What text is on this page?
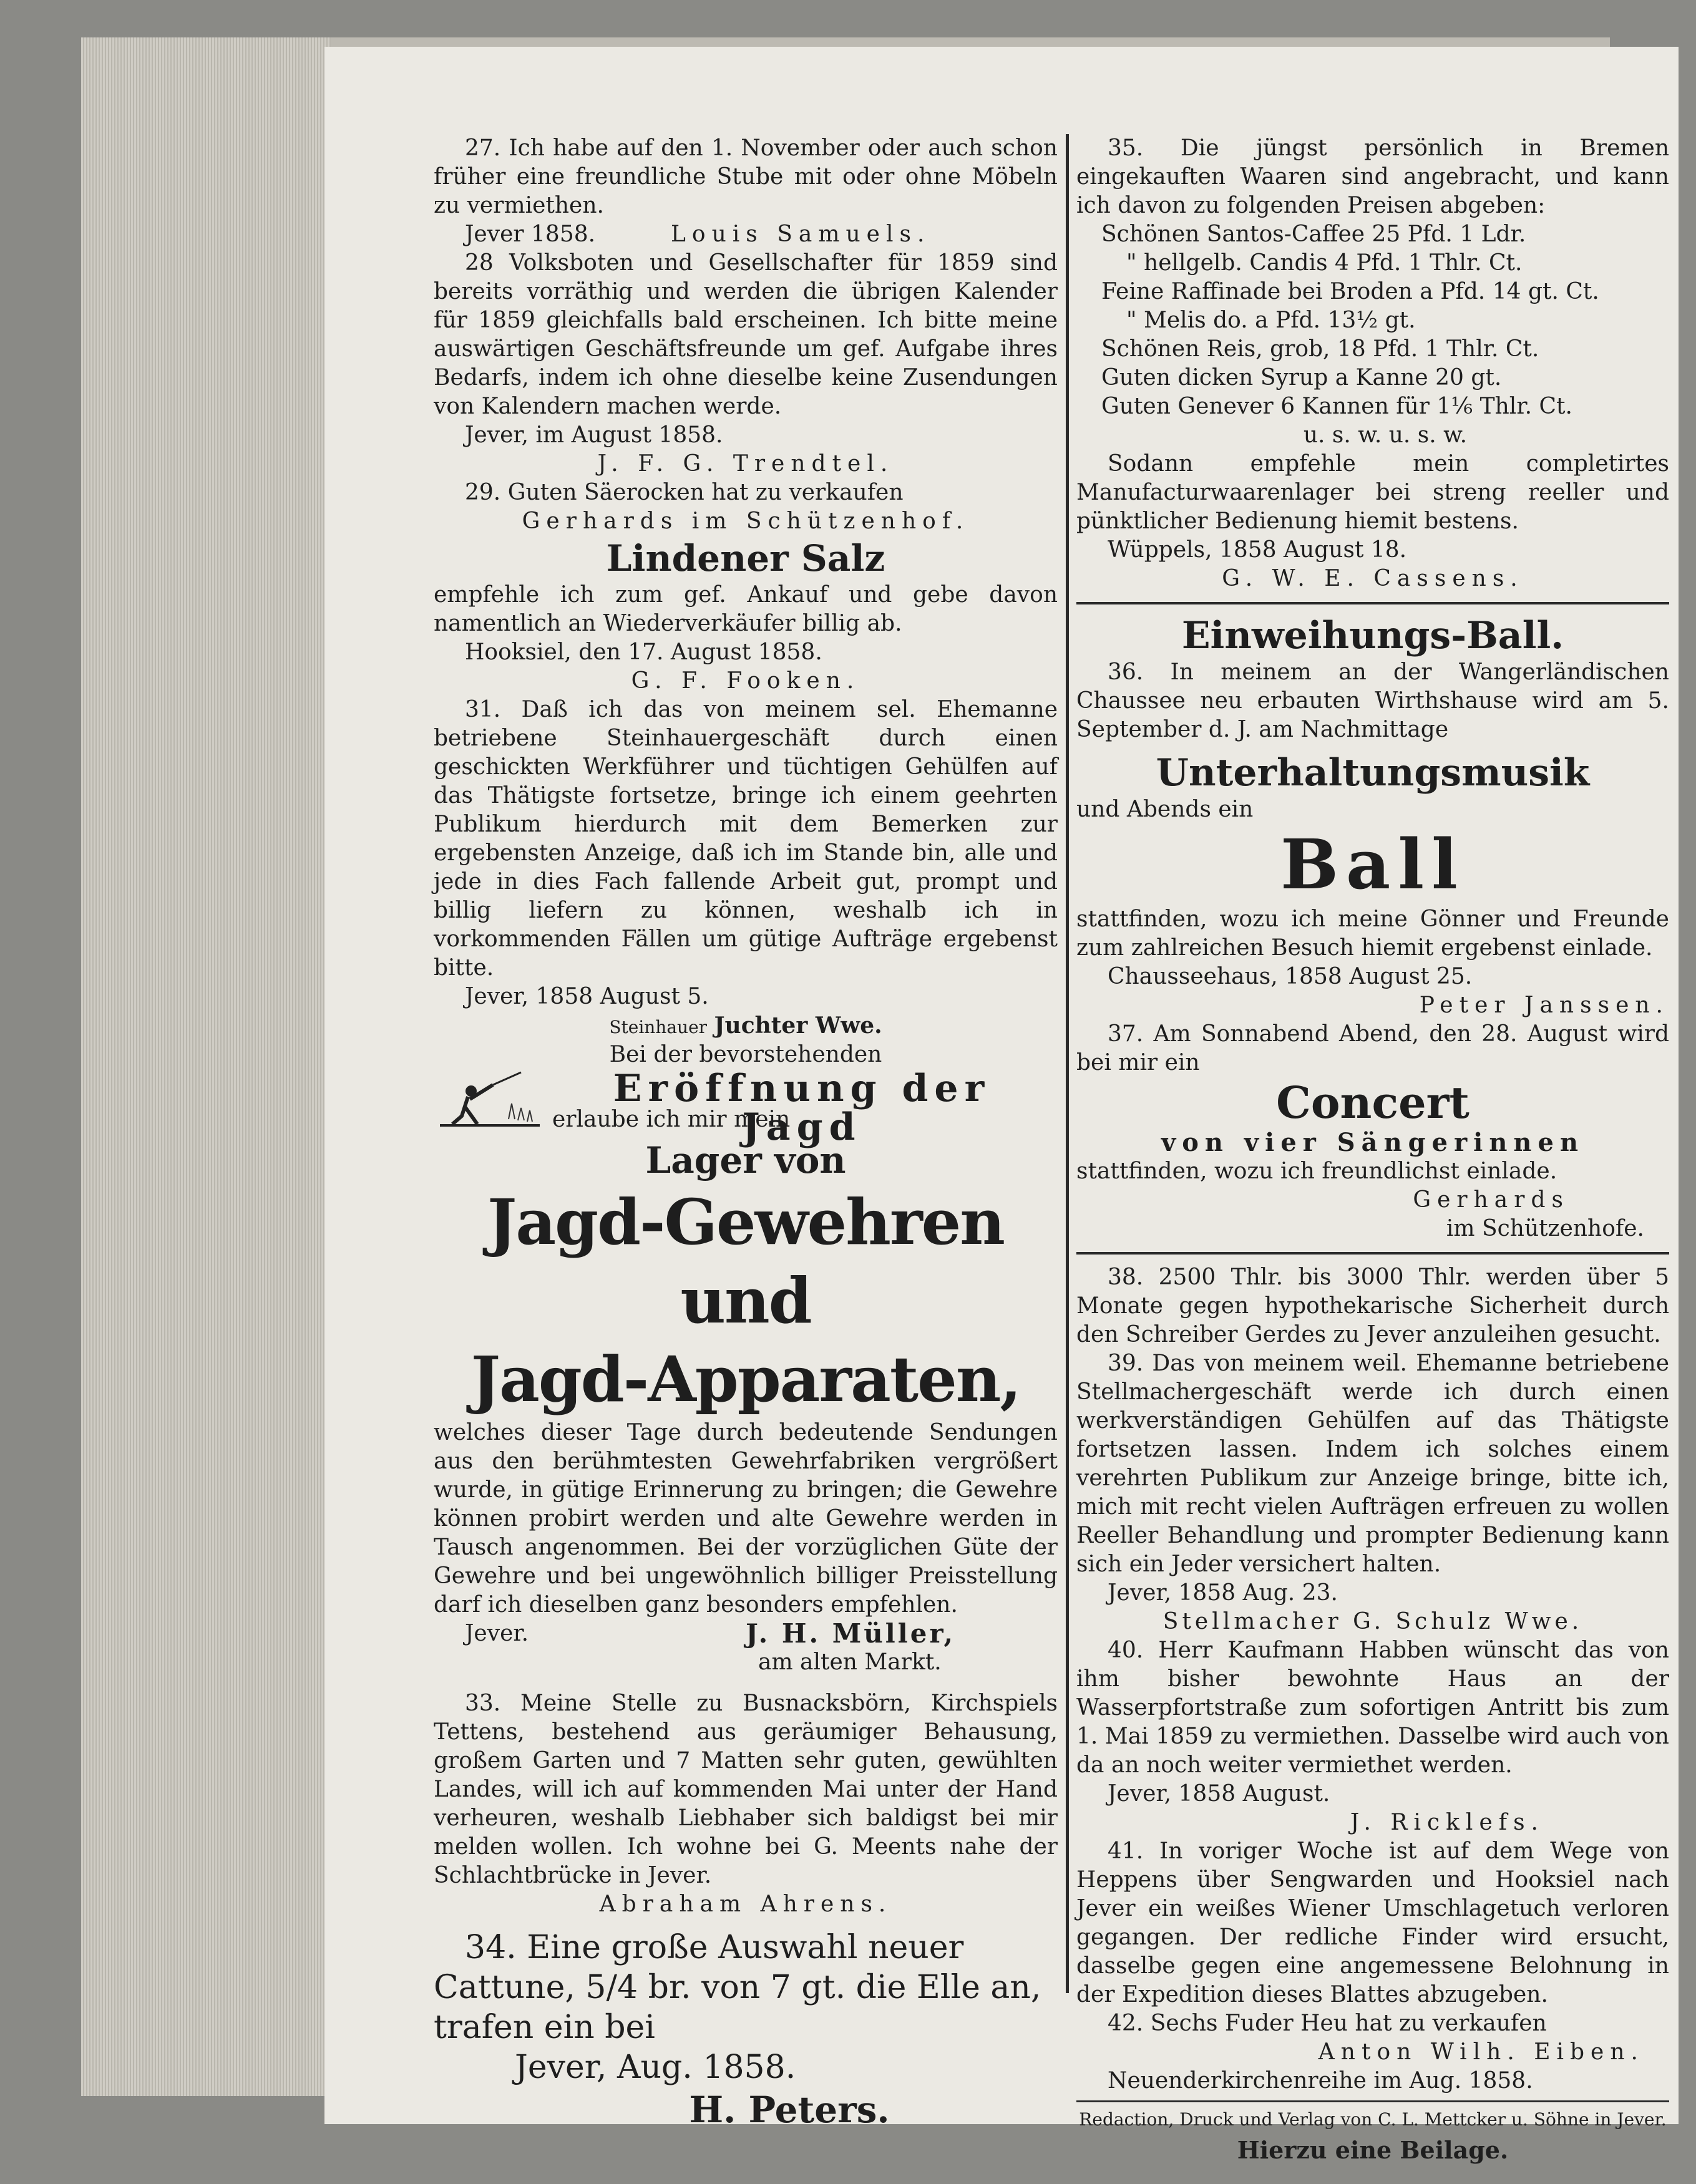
27. Ich habe auf den 1. November oder auch schon früher eine freundliche Stube mit oder ohne Möbeln zu vermiethen.

Jever 1858.	Louis Samuels.

28 Volksboten und Gesellschafter für 1859 sind bereits vorräthig und werden die übrigen Kalender für 1859 gleichfalls bald erscheinen. Ich bitte meine auswärtigen Geschäftsfreunde um gef. Aufgabe ihres Bedarfs, indem ich ohne dieselbe keine Zusendungen von Kalendern machen werde.

Jever, im August 1858.

J. F. G. Trendtel.

29. Guten Säerocken hat zu verkaufen

Gerhards im Schützenhof.

Lindener Salz

empfehle ich zum gef. Ankauf und gebe davon namentlich an Wiederverkäufer billig ab.

Hooksiel, den 17. August 1858.

G. F. Fooken.

31. Daß ich das von meinem sel. Ehemanne betriebene Steinhauergeschäft durch einen geschickten Werkführer und tüchtigen Gehülfen auf das Thätigste fortsetze, bringe ich einem geehrten Publikum hierdurch mit dem Bemerken zur ergebensten Anzeige, daß ich im Stande bin, alle und jede in dies Fach fallende Arbeit gut, prompt und billig liefern zu können, weshalb ich in vorkommenden Fällen um gütige Aufträge ergebenst bitte.

Jever, 1858 August 5.

Steinhauer Juchter Wwe.

Bei der bevorstehenden

Eröffnung der Jagd

erlaube ich mir mein

Lager von

Jagd-Gewehren und

Jagd-Apparaten,

welches dieser Tage durch bedeutende Sendungen aus den berühmtesten Gewehrfabriken vergrößert wurde, in gütige Erinnerung zu bringen; die Gewehre können probirt werden und alte Gewehre werden in Tausch angenommen. Bei der vorzüglichen Güte der Gewehre und bei ungewöhnlich billiger Preisstellung darf ich dieselben ganz besonders empfehlen.

Jever.	J. H. Müller,

am alten Markt.

33. Meine Stelle zu Busnacksbörn, Kirchspiels Tettens, bestehend aus geräumiger Behausung, großem Garten und 7 Matten sehr guten, gewühlten Landes, will ich auf kommenden Mai unter der Hand verheuren, weshalb Liebhaber sich baldigst bei mir melden wollen. Ich wohne bei G. Meents nahe der Schlachtbrücke in Jever.

Abraham Ahrens.

34. Eine große Auswahl neuer

Cattune, 5/4 br. von 7 gt. die Elle an,

trafen ein bei

Jever, Aug. 1858.

H. Peters.

35. Die jüngst persönlich in Bremen eingekauften Waaren sind angebracht, und kann ich davon zu folgenden Preisen abgeben:

Schönen Santos-Caffee 25 Pfd. 1 Ldr.

" hellgelb. Candis 4 Pfd. 1 Thlr. Ct.

Feine Raffinade bei Broden a Pfd. 14 gt. Ct.

" Melis do. a Pfd. 13½ gt.

Schönen Reis, grob, 18 Pfd. 1 Thlr. Ct.

Guten dicken Syrup a Kanne 20 gt.

Guten Genever 6 Kannen für 1⅙ Thlr. Ct.

u. s. w. u. s. w.

Sodann empfehle mein completirtes Manufacturwaarenlager bei streng reeller und pünktlicher Bedienung hiemit bestens.

Wüppels, 1858 August 18.

G. W. E. Cassens.

Einweihungs-Ball.

36. In meinem an der Wangerländischen Chaussee neu erbauten Wirthshause wird am 5. September d. J. am Nachmittage

Unterhaltungsmusik

und Abends ein

Ball

stattfinden, wozu ich meine Gönner und Freunde zum zahlreichen Besuch hiemit ergebenst einlade.

Chausseehaus, 1858 August 25.

Peter Janssen.

37. Am Sonnabend Abend, den 28. August wird bei mir ein

Concert

von vier Sängerinnen

stattfinden, wozu ich freundlichst einlade.

Gerhards

im Schützenhofe.

38. 2500 Thlr. bis 3000 Thlr. werden über 5 Monate gegen hypothekarische Sicherheit durch den Schreiber Gerdes zu Jever anzuleihen gesucht.

39. Das von meinem weil. Ehemanne betriebene Stellmachergeschäft werde ich durch einen werkverständigen Gehülfen auf das Thätigste fortsetzen lassen. Indem ich solches einem verehrten Publikum zur Anzeige bringe, bitte ich, mich mit recht vielen Aufträgen erfreuen zu wollen Reeller Behandlung und prompter Bedienung kann sich ein Jeder versichert halten.

Jever, 1858 Aug. 23.

Stellmacher G. Schulz Wwe.

40. Herr Kaufmann Habben wünscht das von ihm bisher bewohnte Haus an der Wasserpfortstraße zum sofortigen Antritt bis zum 1. Mai 1859 zu vermiethen. Dasselbe wird auch von da an noch weiter vermiethet werden.

Jever, 1858 August.

J. Ricklefs.

41. In voriger Woche ist auf dem Wege von Heppens über Sengwarden und Hooksiel nach Jever ein weißes Wiener Umschlagetuch verloren gegangen. Der redliche Finder wird ersucht, dasselbe gegen eine angemessene Belohnung in der Expedition dieses Blattes abzugeben.

42. Sechs Fuder Heu hat zu verkaufen

Anton Wilh. Eiben.

Neuenderkirchenreihe im Aug. 1858.

Redaction, Druck und Verlag von C. L. Mettcker u. Söhne in Jever.

Hierzu eine Beilage.
